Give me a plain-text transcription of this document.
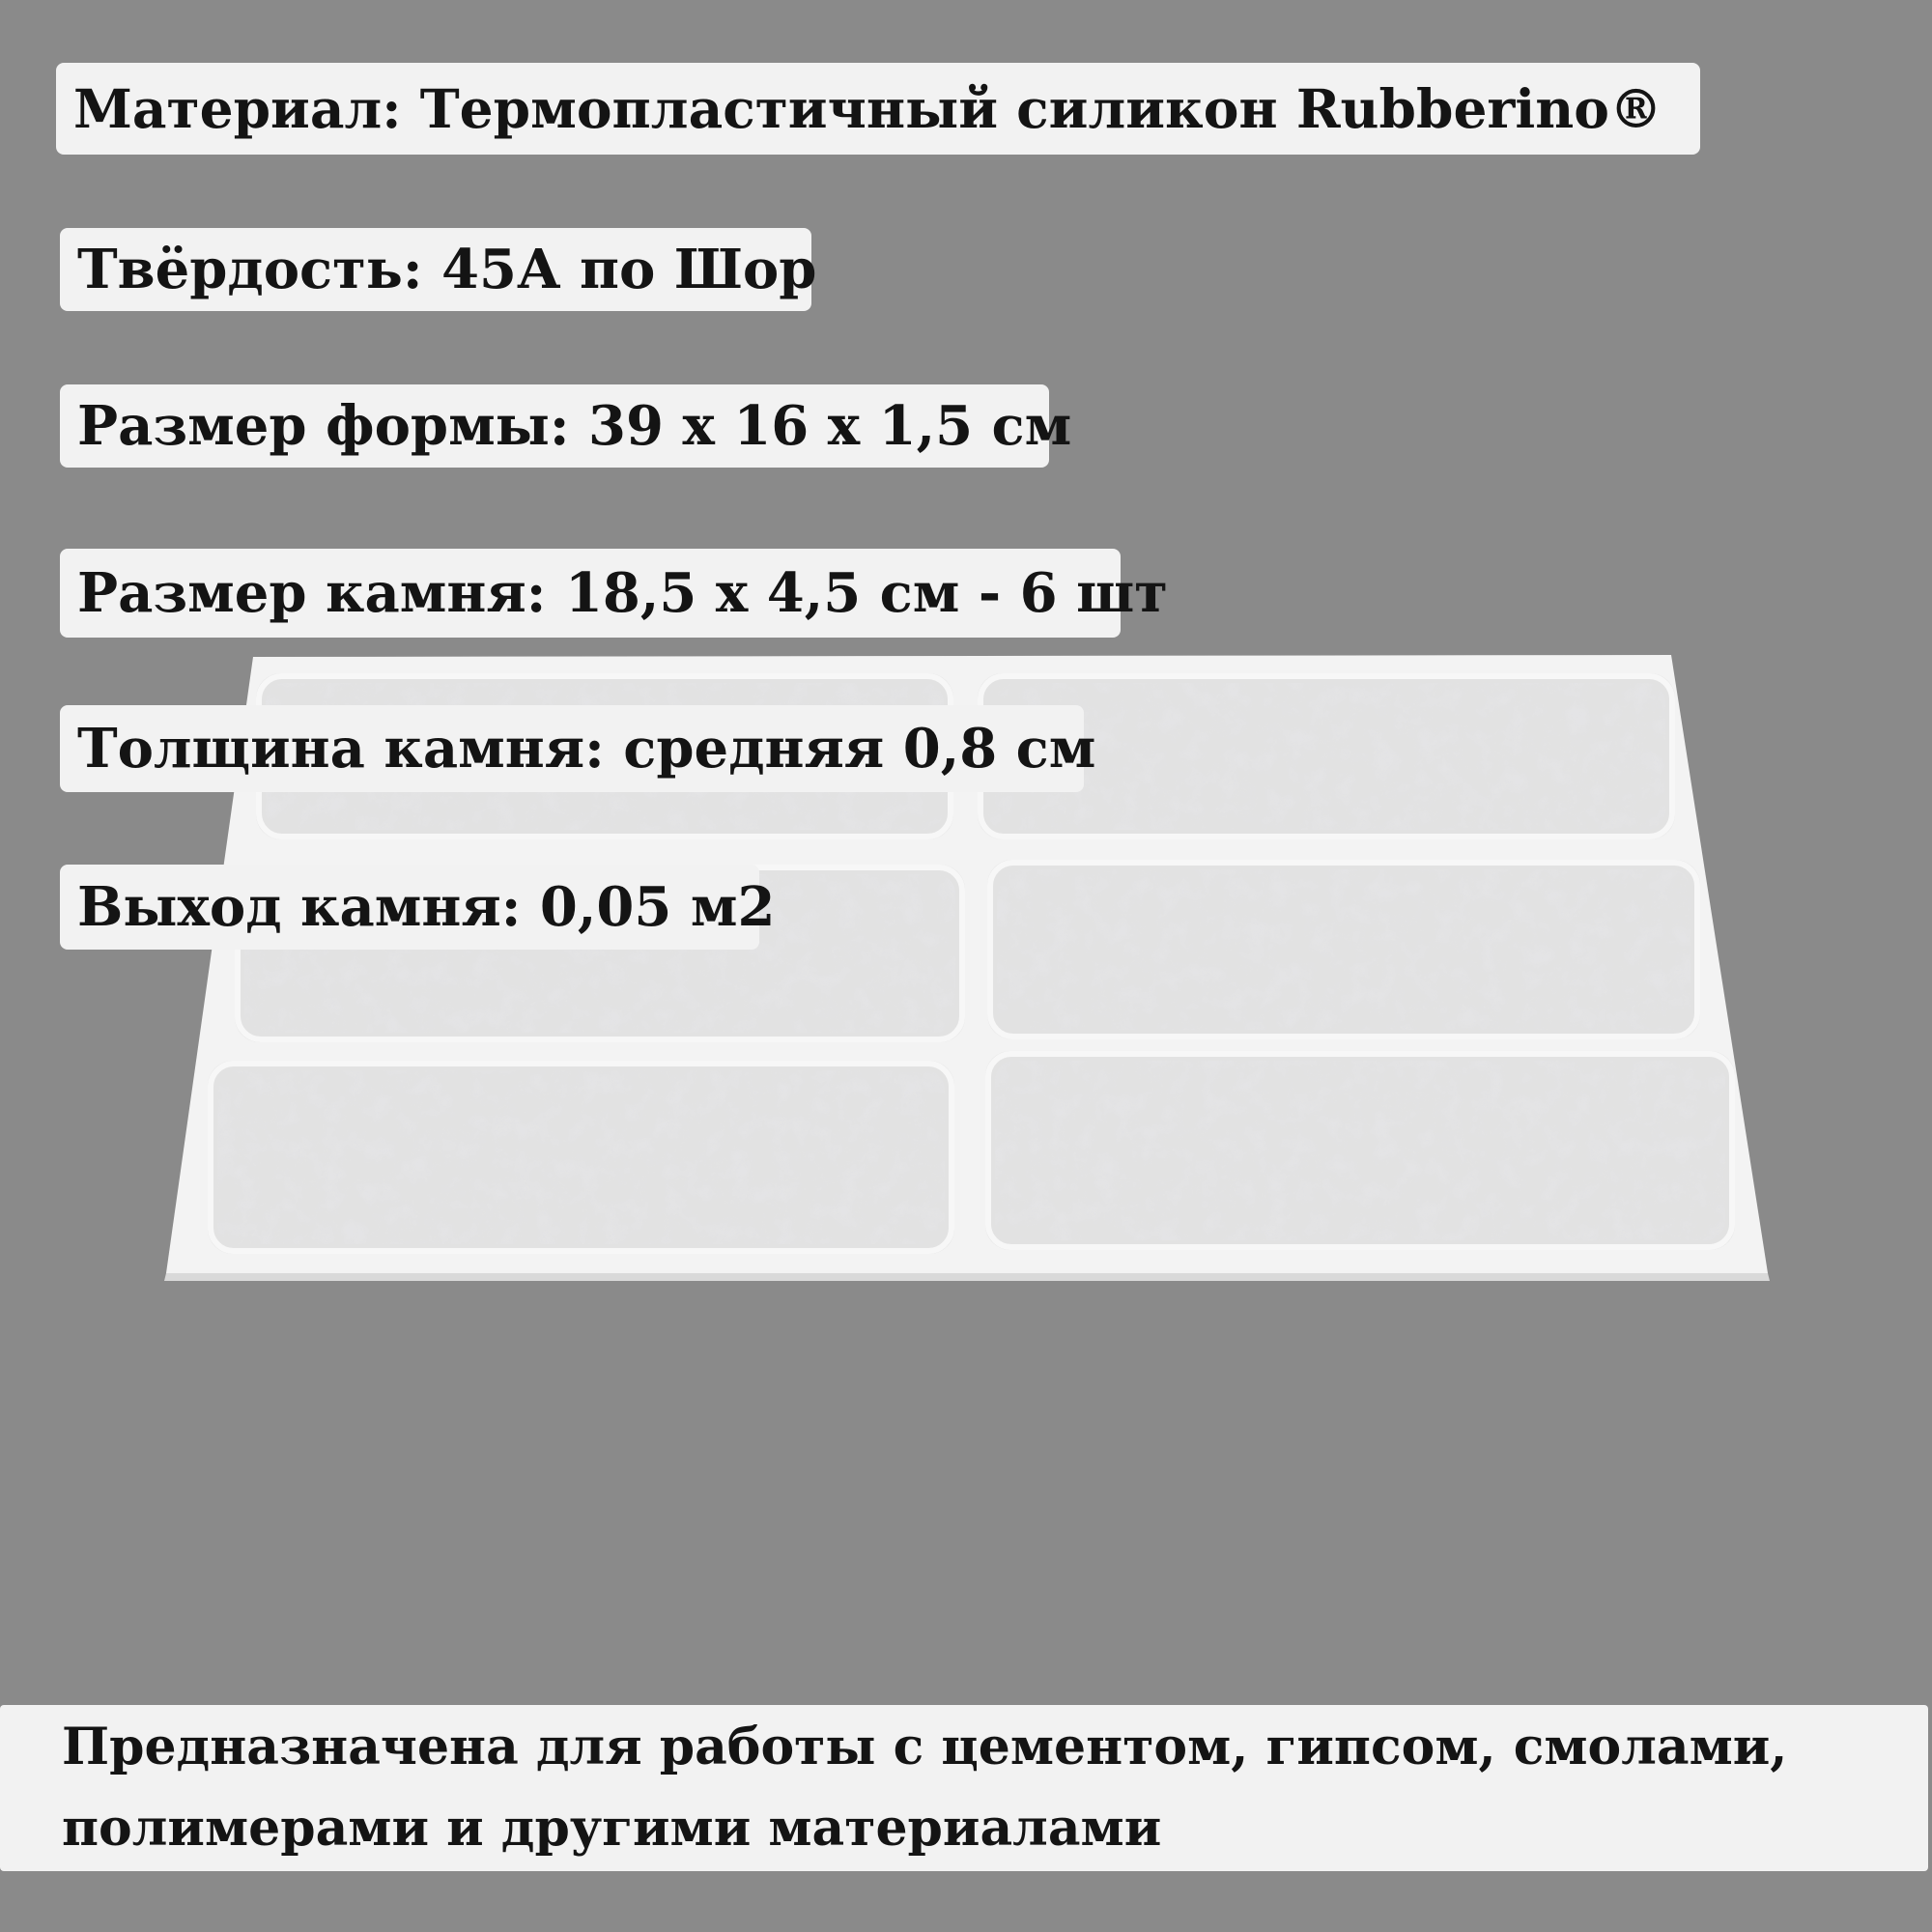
Материал: Термопластичный силикон Rubberino®
Твёрдость: 45А по Шор
Размер формы: 39 х 16 х 1,5 см
Размер камня: 18,5 х 4,5 см - 6 шт
Толщина камня: средняя 0,8 см
Выход камня: 0,05 м2
Предназначена для работы с цементом, гипсом, смолами,
полимерами и другими материалами
